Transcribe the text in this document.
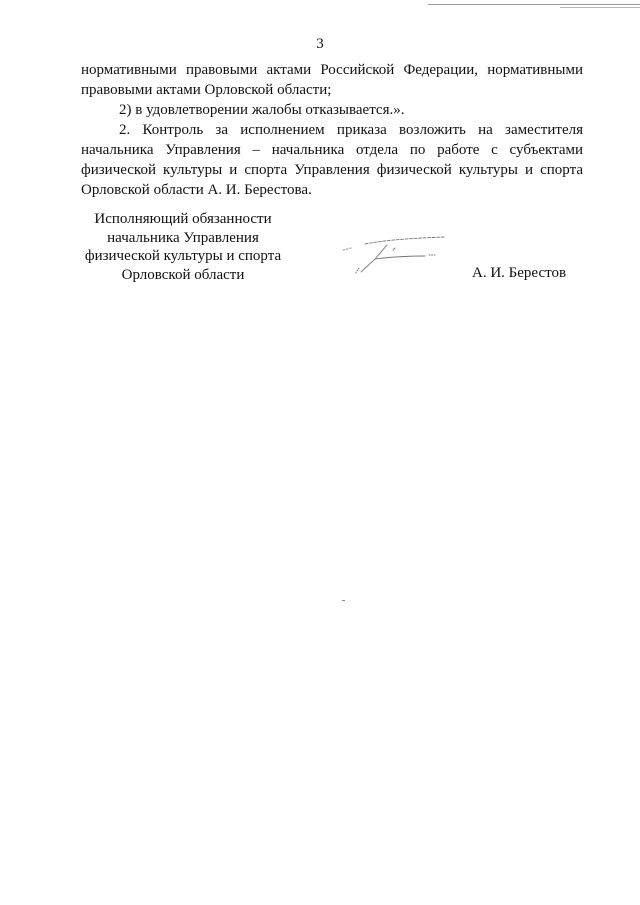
3

нормативными правовыми актами Российской Федерации, нормативными правовыми актами Орловской области;

2) в удовлетворении жалобы отказывается.».

2. Контроль за исполнением приказа возложить на заместителя начальника Управления – начальника отдела по работе с субъектами физической культуры и спорта Управления физической культуры и спорта Орловской области А. И. Берестова.

Исполняющий обязанности
начальника Управления
физической культуры и спорта
Орловской области	А. И. Берестов
